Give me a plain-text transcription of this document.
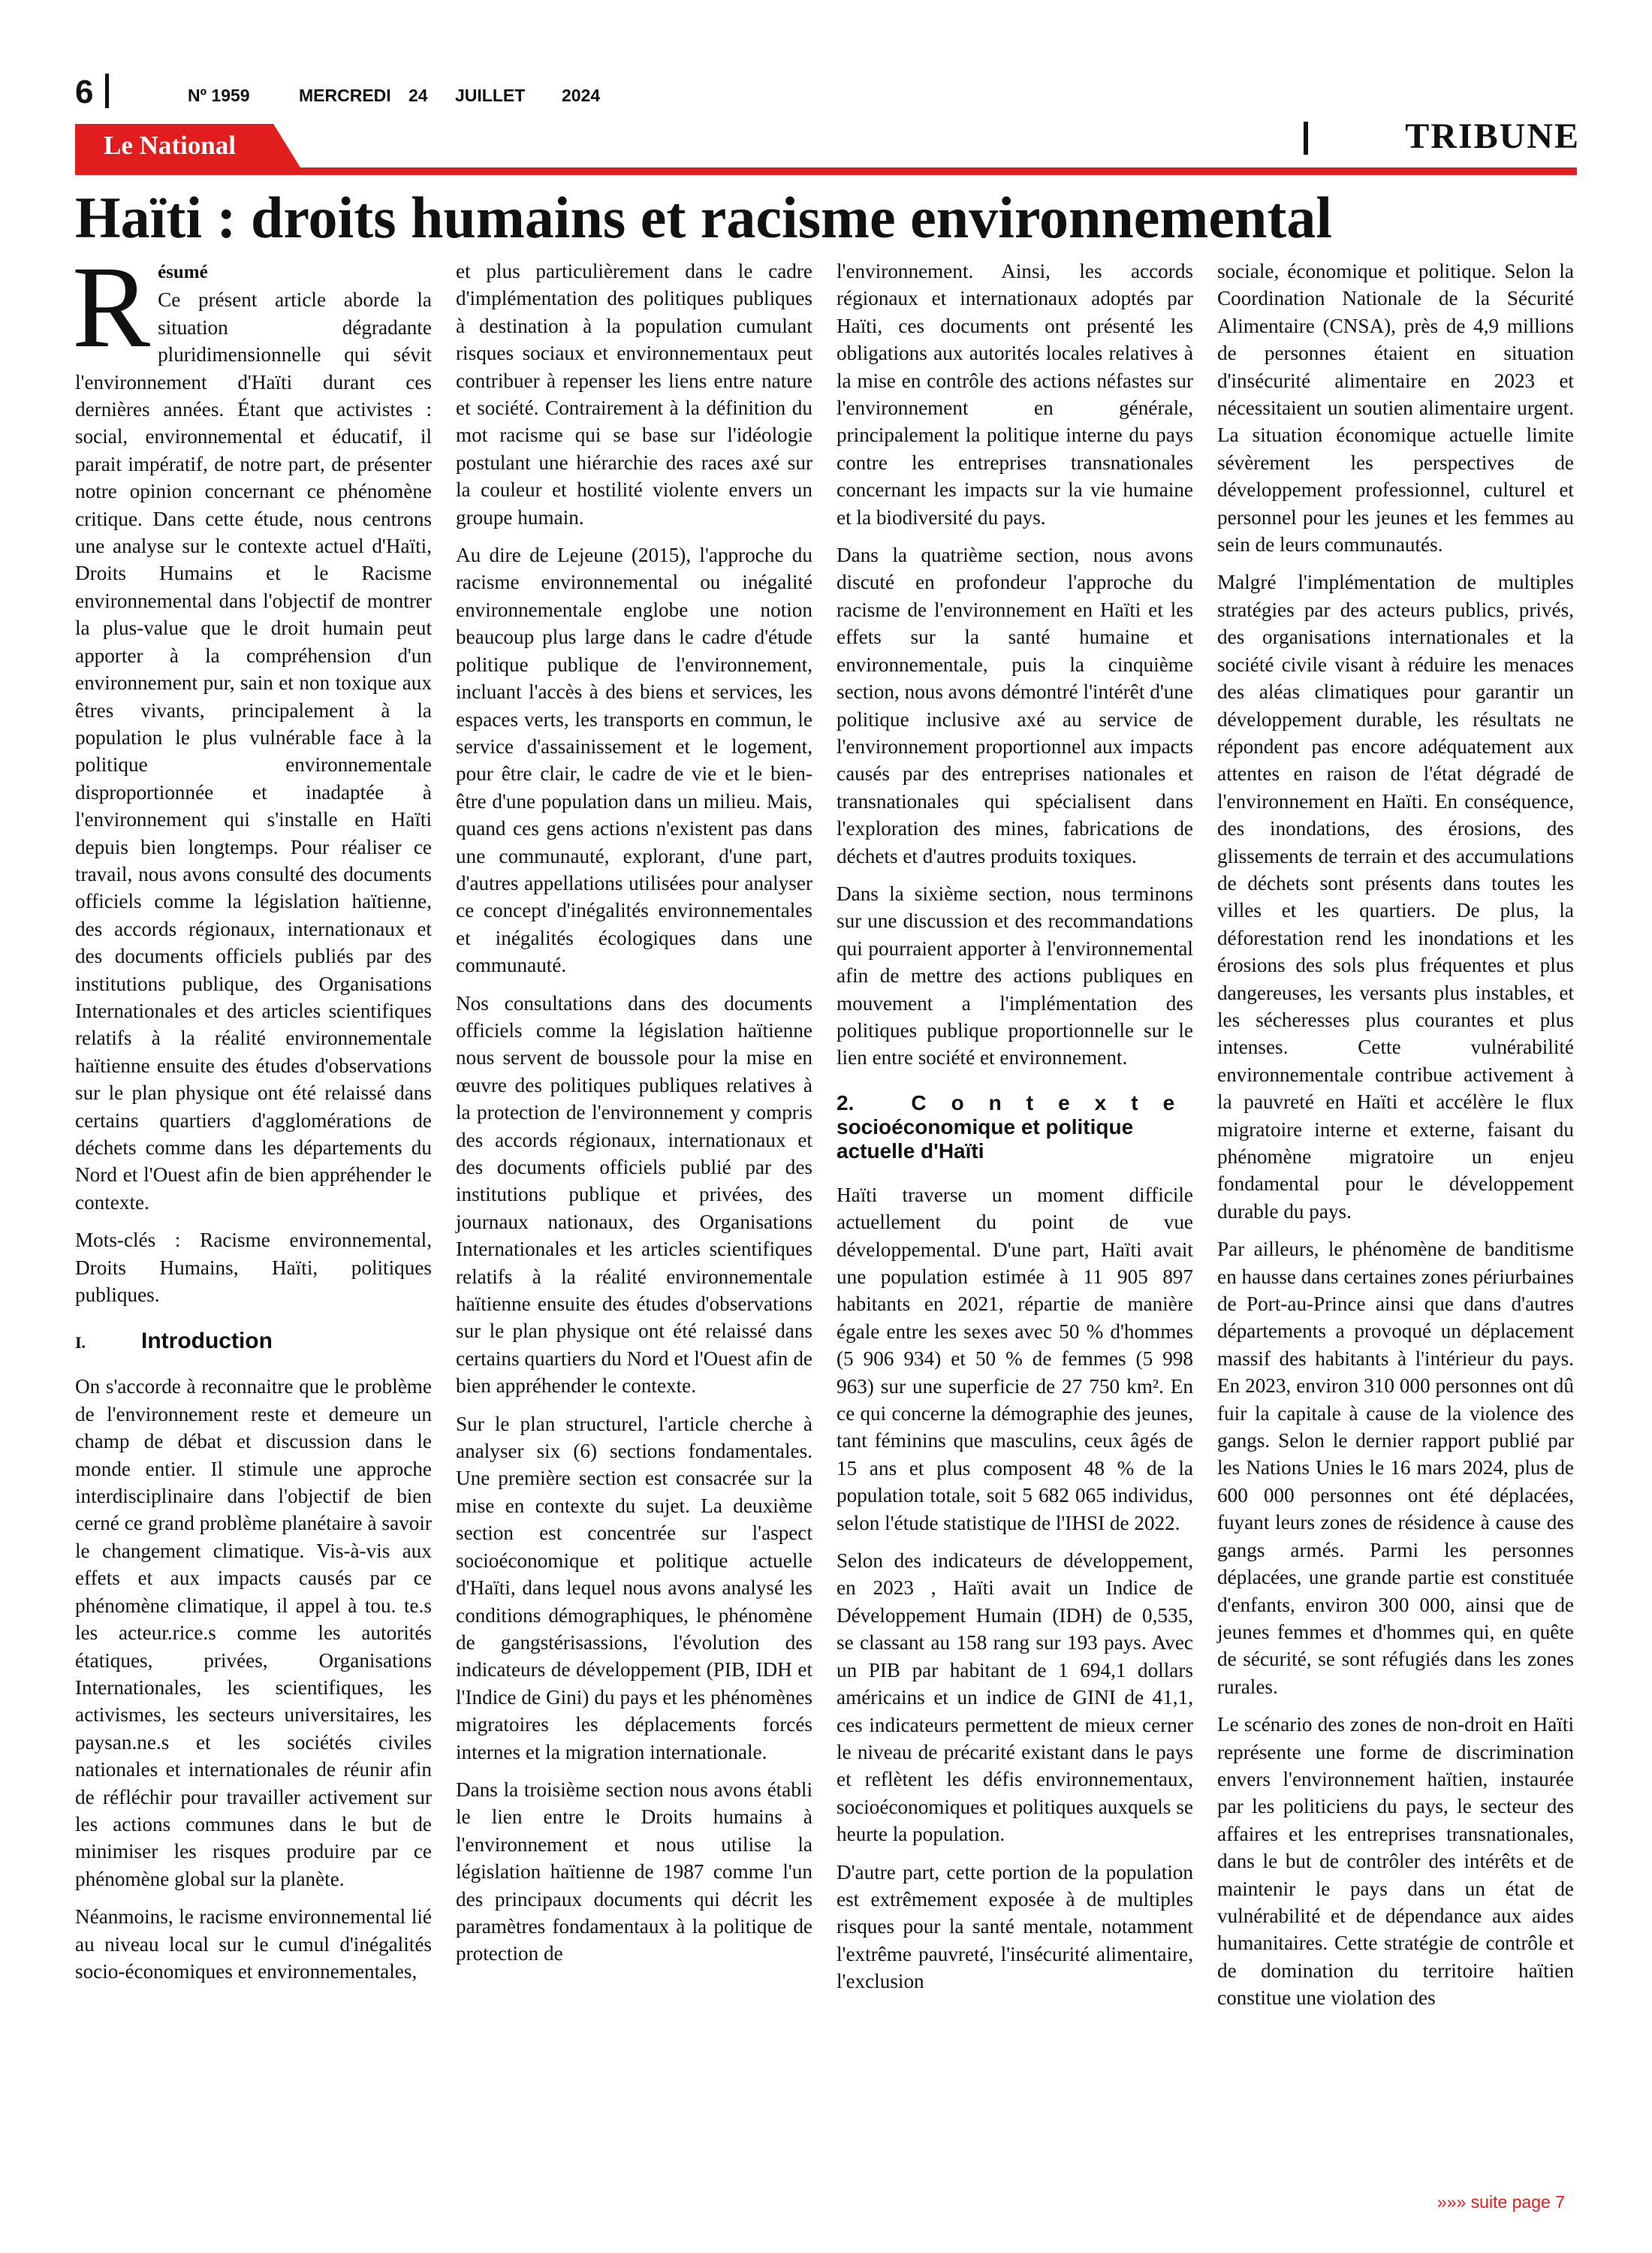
6	Nº 1959	MERCREDI 24 JUILLET 2024
Le National	TRIBUNE
Haïti : droits humains et racisme environnemental

Résumé
Ce présent article aborde la situation dégradante pluridimensionnelle qui sévit l'environnement d'Haïti durant ces dernières années. Étant que activistes : social, environnemental et éducatif, il parait impératif, de notre part, de présenter notre opinion concernant ce phénomène critique. Dans cette étude, nous centrons une analyse sur le contexte actuel d'Haïti, Droits Humains et le Racisme environnemental dans l'objectif de montrer la plus-value que le droit humain peut apporter à la compréhension d'un environnement pur, sain et non toxique aux êtres vivants, principalement à la population le plus vulnérable face à la politique environnementale disproportionnée et inadaptée à l'environnement qui s'installe en Haïti depuis bien longtemps. Pour réaliser ce travail, nous avons consulté des documents officiels comme la législation haïtienne, des accords régionaux, internationaux et des documents officiels publiés par des institutions publique, des Organisations Internationales et des articles scientifiques relatifs à la réalité environnementale haïtienne ensuite des études d'observations sur le plan physique ont été relaissé dans certains quartiers d'agglomérations de déchets comme dans les départements du Nord et l'Ouest afin de bien appréhender le contexte.

Mots-clés : Racisme environnemental, Droits Humains, Haïti, politiques publiques.

I. Introduction

On s'accorde à reconnaitre que le problème de l'environnement reste et demeure un champ de débat et discussion dans le monde entier. Il stimule une approche interdisciplinaire dans l'objectif de bien cerné ce grand problème planétaire à savoir le changement climatique. Vis-à-vis aux effets et aux impacts causés par ce phénomène climatique, il appel à tou. te.s les acteur.rice.s comme les autorités étatiques, privées, Organisations Internationales, les scientifiques, les activismes, les secteurs universitaires, les paysan.ne.s et les sociétés civiles nationales et internationales de réunir afin de réfléchir pour travailler activement sur les actions communes dans le but de minimiser les risques produire par ce phénomène global sur la planète.

Néanmoins, le racisme environnemental lié au niveau local sur le cumul d'inégalités socio-économiques et environnementales,

et plus particulièrement dans le cadre d'implémentation des politiques publiques à destination à la population cumulant risques sociaux et environnementaux peut contribuer à repenser les liens entre nature et société. Contrairement à la définition du mot racisme qui se base sur l'idéologie postulant une hiérarchie des races axé sur la couleur et hostilité violente envers un groupe humain.

Au dire de Lejeune (2015), l'approche du racisme environnemental ou inégalité environnementale englobe une notion beaucoup plus large dans le cadre d'étude politique publique de l'environnement, incluant l'accès à des biens et services, les espaces verts, les transports en commun, le service d'assainissement et le logement, pour être clair, le cadre de vie et le bien-être d'une population dans un milieu. Mais, quand ces gens actions n'existent pas dans une communauté, explorant, d'une part, d'autres appellations utilisées pour analyser ce concept d'inégalités environnementales et inégalités écologiques dans une communauté.

Nos consultations dans des documents officiels comme la législation haïtienne nous servent de boussole pour la mise en œuvre des politiques publiques relatives à la protection de l'environnement y compris des accords régionaux, internationaux et des documents officiels publié par des institutions publique et privées, des journaux nationaux, des Organisations Internationales et les articles scientifiques relatifs à la réalité environnementale haïtienne ensuite des études d'observations sur le plan physique ont été relaissé dans certains quartiers du Nord et l'Ouest afin de bien appréhender le contexte.

Sur le plan structurel, l'article cherche à analyser six (6) sections fondamentales. Une première section est consacrée sur la mise en contexte du sujet. La deuxième section est concentrée sur l'aspect socioéconomique et politique actuelle d'Haïti, dans lequel nous avons analysé les conditions démographiques, le phénomène de gangstérisassions, l'évolution des indicateurs de développement (PIB, IDH et l'Indice de Gini) du pays et les phénomènes migratoires les déplacements forcés internes et la migration internationale.

Dans la troisième section nous avons établi le lien entre le Droits humains à l'environnement et nous utilise la législation haïtienne de 1987 comme l'un des principaux documents qui décrit les paramètres fondamentaux à la politique de protection de

l'environnement. Ainsi, les accords régionaux et internationaux adoptés par Haïti, ces documents ont présenté les obligations aux autorités locales relatives à la mise en contrôle des actions néfastes sur l'environnement en générale, principalement la politique interne du pays contre les entreprises transnationales concernant les impacts sur la vie humaine et la biodiversité du pays.

Dans la quatrième section, nous avons discuté en profondeur l'approche du racisme de l'environnement en Haïti et les effets sur la santé humaine et environnementale, puis la cinquième section, nous avons démontré l'intérêt d'une politique inclusive axé au service de l'environnement proportionnel aux impacts causés par des entreprises nationales et transnationales qui spécialisent dans l'exploration des mines, fabrications de déchets et d'autres produits toxiques.

Dans la sixième section, nous terminons sur une discussion et des recommandations qui pourraient apporter à l'environnemental afin de mettre des actions publiques en mouvement a l'implémentation des politiques publique proportionnelle sur le lien entre société et environnement.

2.	Contexte
socioéconomique et politique actuelle d'Haïti

Haïti traverse un moment difficile actuellement du point de vue développemental. D'une part, Haïti avait une population estimée à 11 905 897 habitants en 2021, répartie de manière égale entre les sexes avec 50 % d'hommes (5 906 934) et 50 % de femmes (5 998 963) sur une superficie de 27 750 km². En ce qui concerne la démographie des jeunes, tant féminins que masculins, ceux âgés de 15 ans et plus composent 48 % de la population totale, soit 5 682 065 individus, selon l'étude statistique de l'IHSI de 2022.

Selon des indicateurs de développement, en 2023 , Haïti avait un Indice de Développement Humain (IDH) de 0,535, se classant au 158 rang sur 193 pays. Avec un PIB par habitant de 1 694,1 dollars américains et un indice de GINI de 41,1, ces indicateurs permettent de mieux cerner le niveau de précarité existant dans le pays et reflètent les défis environnementaux, socioéconomiques et politiques auxquels se heurte la population.

D'autre part, cette portion de la population est extrêmement exposée à de multiples risques pour la santé mentale, notamment l'extrême pauvreté, l'insécurité alimentaire, l'exclusion

sociale, économique et politique. Selon la Coordination Nationale de la Sécurité Alimentaire (CNSA), près de 4,9 millions de personnes étaient en situation d'insécurité alimentaire en 2023 et nécessitaient un soutien alimentaire urgent. La situation économique actuelle limite sévèrement les perspectives de développement professionnel, culturel et personnel pour les jeunes et les femmes au sein de leurs communautés.

Malgré l'implémentation de multiples stratégies par des acteurs publics, privés, des organisations internationales et la société civile visant à réduire les menaces des aléas climatiques pour garantir un développement durable, les résultats ne répondent pas encore adéquatement aux attentes en raison de l'état dégradé de l'environnement en Haïti. En conséquence, des inondations, des érosions, des glissements de terrain et des accumulations de déchets sont présents dans toutes les villes et les quartiers. De plus, la déforestation rend les inondations et les érosions des sols plus fréquentes et plus dangereuses, les versants plus instables, et les sécheresses plus courantes et plus intenses. Cette vulnérabilité environnementale contribue activement à la pauvreté en Haïti et accélère le flux migratoire interne et externe, faisant du phénomène migratoire un enjeu fondamental pour le développement durable du pays.

Par ailleurs, le phénomène de banditisme en hausse dans certaines zones périurbaines de Port-au-Prince ainsi que dans d'autres départements a provoqué un déplacement massif des habitants à l'intérieur du pays. En 2023, environ 310 000 personnes ont dû fuir la capitale à cause de la violence des gangs. Selon le dernier rapport publié par les Nations Unies le 16 mars 2024, plus de 600 000 personnes ont été déplacées, fuyant leurs zones de résidence à cause des gangs armés. Parmi les personnes déplacées, une grande partie est constituée d'enfants, environ 300 000, ainsi que de jeunes femmes et d'hommes qui, en quête de sécurité, se sont réfugiés dans les zones rurales.

Le scénario des zones de non-droit en Haïti représente une forme de discrimination envers l'environnement haïtien, instaurée par les politiciens du pays, le secteur des affaires et les entreprises transnationales, dans le but de contrôler des intérêts et de maintenir le pays dans un état de vulnérabilité et de dépendance aux aides humanitaires. Cette stratégie de contrôle et de domination du territoire haïtien constitue une violation des

»»» suite page 7
